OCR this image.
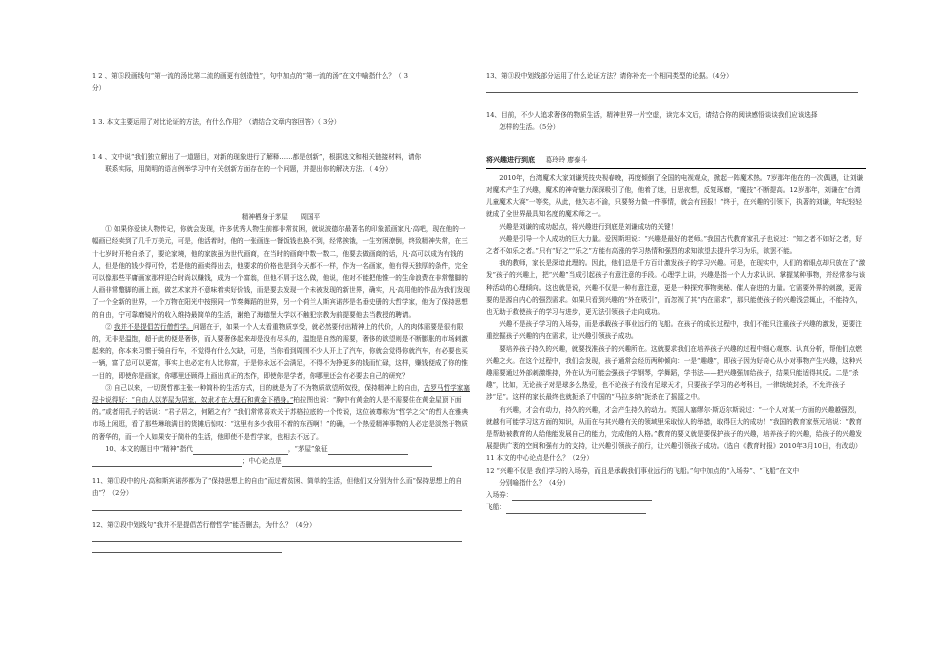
1 2 、第⑤段画线句“第一流的汤比第二流的画更有创造性”，句中加点的“第一流的汤”在文中喻指什么？（ 3

分）

1 3. 本文主要运用了对比论证的方法，有什么作用？（请结合文章内容回答）（ 3分）

1 4 、文中说“我们独立解出了一道题目，对新的现象进行了解释……都是创新”，根据选文和相关链接材料，请你

联系实际，用简明的语言例举学习中有关创新方面存在的一个问题，并提出你的解决方法．（ 4分）

精神栖身于茅屋 周国平

① 如果你爱读人物传记，你就会发现，许多优秀人物生前都非常贫困，就说波德尔最著名的印象派画家凡·高吧，现在他的一幅画已经卖到了几千万美元，可是，他活着时，他的一张画连一餐饭钱也换不到，经常挨饿，一生穷困潦倒，终致精神失常，在三十七岁时开枪自杀了，要论家境，他的家族虽为世代画商，在当时的画商中数一数二，他要去做画商的话，凡·高可以成为有钱的人，但是他的钱少得可怜，若是他的画卖得出去，他要求的价格也是到今天都不一样，作为一名画家，他有得天独厚的条件，完全可以像那些平庸画家那样迎合时尚以赚钱，成为一个富翁，但他不屑于这么做，他说，他对不能把他惟一的生命浪费在非常蹩脚的人画非常蹩脚的画上面，做艺术家并不意味着卖好价钱，而是要去发现一个未被发现的新世界，确实，凡·高用他的作品为我们发现了一个全新的世界，一个万物在阳光中按照同一节奏舞蹈的世界，另一个荷兰人斯宾诺莎是名垂史册的大哲学家，他为了保持思想的自由，宁可靠磨镜片的收入维持最简单的生活，谢绝了海德堡大学以不触犯宗教为前提要他去当教授的聘请。

② 我并不是提倡苦行僧哲学。问题在于，如果一个人太看重物质享受，就必然要付出精神上的代价，人的肉体需要是很有限的，无非是温饱，超于此的便是奢侈，而人要奢侈起来却是没有尽头的，温饱是自然的需要，奢侈的欲望则是不断膨胀的市场刺激起来的，你本来习惯于骑自行车，不觉得有什么欠缺，可是，当你看到周围不少人开上了汽车，你就会觉得你就汽车，有必要也买一辆，富了总可以更富，事实上也必定有人比你富，于是你永远不会满足，不得不为挣更多的钱而忙碌，这样，赚钱便成了你的惟一目的，即使你是画家，你哪里还顾得上画出真正的杰作，即使你是学者，你哪里还会有必要去自己的研究？

③ 自己以来，一切贤哲都主张一种简朴的生活方式，目的就是为了不为物质欲望所奴役，保持精神上的自由，古罗马哲学家塞涅卡说得好：“自由人以茅屋为居室，奴隶才在大理石和黄金下栖身。”柏拉图也说：“胸中有黄金的人是不需要住在黄金屋顶下面的。”或者用孔子的话说：“君子居之，何陋之有？”我们常常喜欢关于苏格拉底的一个传说，这位被尊称为“哲学之父”的哲人在雅典市场上闲逛，看了那些琳琅满目的货摊后惊叹：“这里有多少我用不着的东西啊！”的确，一个热爱精神事物的人必定是淡然于物质的奢华的，而一个人如果安于简朴的生活，他即使不是哲学家，也相去不远了。

10、本文的题目中“精神”指代	，“茅屋”象征

；中心论点是

11、第①段中的凡·高和斯宾诺莎都为了“保持思想上的自由”而过着贫困、简单的生活，但他们又分别为什么而“保持思想上的自由”？（2分）

12、第②段中划线句“我并不是提倡苦行僧哲学”能否删去，为什么？（4分）

13、第③段中划线部分运用了什么论证方法？请你补充一个相同类型的论据。（4分）

14、目前，不少人追求奢侈的物质生活，精神世界一片空虚，读完本文后，请结合你的阅读感悟谈谈我们应该选择

怎样的生活。（5分）

将兴趣进行到底 葛玲玲 廖泰斗

2010年，台湾魔术大家刘谦凭技央视春晚，再度倾倒了全国的电视观众，掀起一阵魔术热。7岁那年他在的一次偶遇，让刘谦对魔术产生了兴趣，魔术的神奇魅力深深吸引了他，他着了迷，日思夜想，反复琢磨，“魔技”不断提高。12岁那年，刘谦在“台湾儿童魔术大赛”一等奖，从此，他矢志不渝，只要努力做一件事情，就会有回报！“终于，在兴趣的引领下，执著的刘谦，年纪轻轻就成了全世界最具知名度的魔术师之一。

兴趣是刘谦的成功起点，将兴趣进行到底是刘谦成功的关键！

兴趣是引导一个人成功的巨大力量。爱因斯坦说：“兴趣是最好的老师。”我国古代教育家孔子也说过：“知之者不如好之者，好之者不如乐之者。”只有“好之”“乐之”方能有高涨的学习热情和强烈的求知欲望去提升学习为乐，欲罢不能。

我的教师，家长是深谙此理的。因此，他们总是千方百计激发孩子的学习兴趣。可是，在现实中，人们的着眼点却只放在了“激发”孩子的兴趣上，把“兴趣”当成引起孩子有意注意的手段。心理学上讲，兴趣是指一个人力求认识、掌握某种事物，并经常参与该种活动的心理倾向。这也就是说，兴趣不仅是一种有意注意，更是一种探究事物奥秘、催人奋进的力量。它需要外界的刺激，更需要的是源自内心的强烈需求。如果只看到兴趣的“外在吸引”，而忽视了其“内在需求”，那只能使孩子的兴趣浅尝辄止，不能持久，也无助于救使孩子的学习与进步，更无法引领孩子走向成功。

兴趣不是孩子学习的入场券，而是承载孩子事业远行的飞船。在孩子的成长过程中，我们不能只注重孩子兴趣的激发，更要注重挖掘孩子兴趣的内在需求，让兴趣引领孩子成功。

要培养孩子持久的兴趣，就要找准孩子的兴趣所在。这就要求我们在培养孩子兴趣的过程中细心观察、认真分析，帮他们点燃兴趣之火。在这个过程中，我们会发现，孩子通常会经历两种倾向：一是“趣趣”，即孩子因为好奇心从小对事物产生兴趣，这种兴趣需要通过外部刺激维持，外在认为可能会强孩子学钢琴，学舞蹈，学书法——把兴趣强加给孩子，结果只能适得其反。二是“杀趣”，比如，无论孩子对是球多么热爱，也不论孩子有没有足球天才，只要孩子学习的必考科目，一律统统封杀，不允许孩子涉“足”。这样的家长最终也就扼杀了中国的“马拉多纳”扼杀在了摇篮之中。

有兴趣，才会有动力，持久的兴趣，才会产生持久的动力。英国人塞缪尔·斯迈尔斯说过：“一个人对某一方面的兴趣越强烈，就越有可能学习这方面的知识，从而在与其兴趣有关的领域里采取惊人的举措，取得巨大的成功！”我国的教育家蔡元培说：“教育是帮助被教育的人给他能发展自己的能力，完成他的人格。”教育的要义就是要保护孩子的兴趣，培养孩子的兴趣，给孩子的兴趣发展提供广袤的空间和强有力的支持，让兴趣引领孩子前行，让兴趣引领孩子成功。（选自《教育时报》2010年3月10日，有改动）

11 本文的中心论点是什么？（2分）

12 “兴趣不仅是 我们学习的入场券，而且是承载我们事业远行的飞船。”句中加点的“入场券”、“飞船”在文中

分别喻指什么？（4分）

入场券：

飞船：
